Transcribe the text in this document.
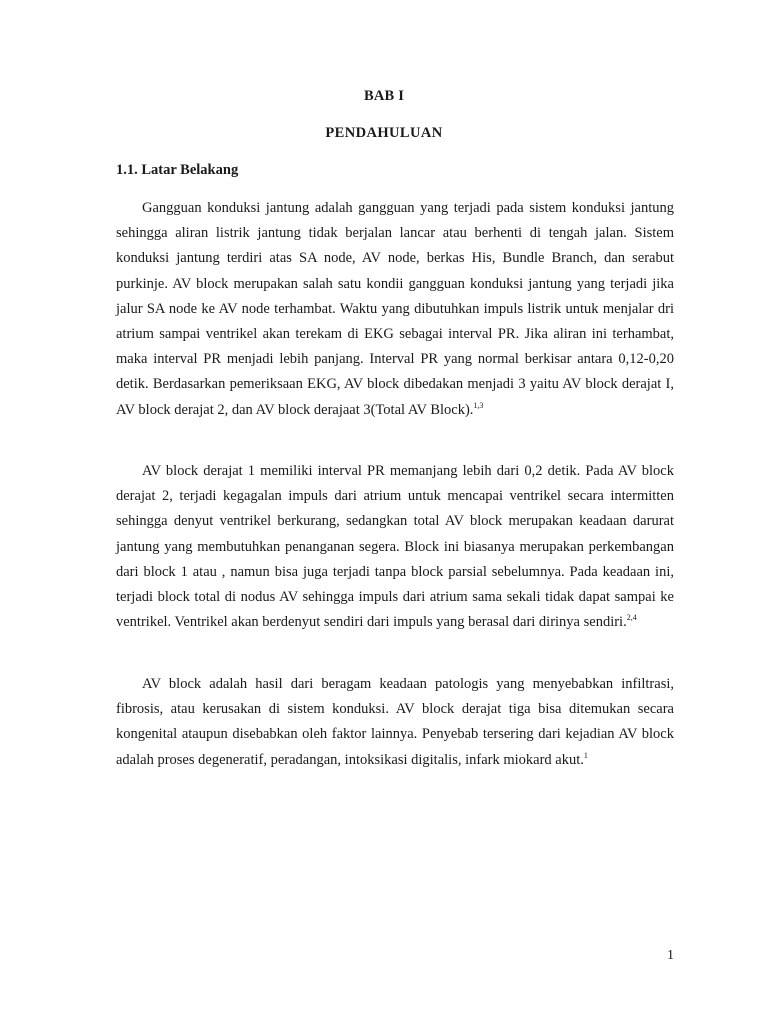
BAB I
PENDAHULUAN
1.1. Latar Belakang

Gangguan konduksi jantung adalah gangguan yang terjadi pada sistem konduksi jantung sehingga aliran listrik jantung tidak berjalan lancar atau berhenti di tengah jalan. Sistem konduksi jantung terdiri atas SA node, AV node, berkas His, Bundle Branch, dan serabut purkinje. AV block merupakan salah satu kondii gangguan konduksi jantung yang terjadi jika jalur SA node ke AV node terhambat. Waktu yang dibutuhkan impuls listrik untuk menjalar dri atrium sampai ventrikel akan terekam di EKG sebagai interval PR. Jika aliran ini terhambat, maka interval PR menjadi lebih panjang. Interval PR yang normal berkisar antara 0,12-0,20 detik. Berdasarkan pemeriksaan EKG, AV block dibedakan menjadi 3 yaitu AV block derajat I, AV block derajat 2, dan AV block derajaat 3(Total AV Block).$^{1,3}$

AV block derajat 1 memiliki interval PR memanjang lebih dari 0,2 detik. Pada AV block derajat 2, terjadi kegagalan impuls dari atrium untuk mencapai ventrikel secara intermitten sehingga denyut ventrikel berkurang, sedangkan total AV block merupakan keadaan darurat jantung yang membutuhkan penanganan segera. Block ini biasanya merupakan perkembangan dari block 1 atau , namun bisa juga terjadi tanpa block parsial sebelumnya. Pada keadaan ini, terjadi block total di nodus AV sehingga impuls dari atrium sama sekali tidak dapat sampai ke ventrikel. Ventrikel akan berdenyut sendiri dari impuls yang berasal dari dirinya sendiri.$^{2,4}$

AV block adalah hasil dari beragam keadaan patologis yang menyebabkan infiltrasi, fibrosis, atau kerusakan di sistem konduksi. AV block derajat tiga bisa ditemukan secara kongenital ataupun disebabkan oleh faktor lainnya. Penyebab tersering dari kejadian AV block adalah proses degeneratif, peradangan, intoksikasi digitalis, infark miokard akut.$^1$

1
